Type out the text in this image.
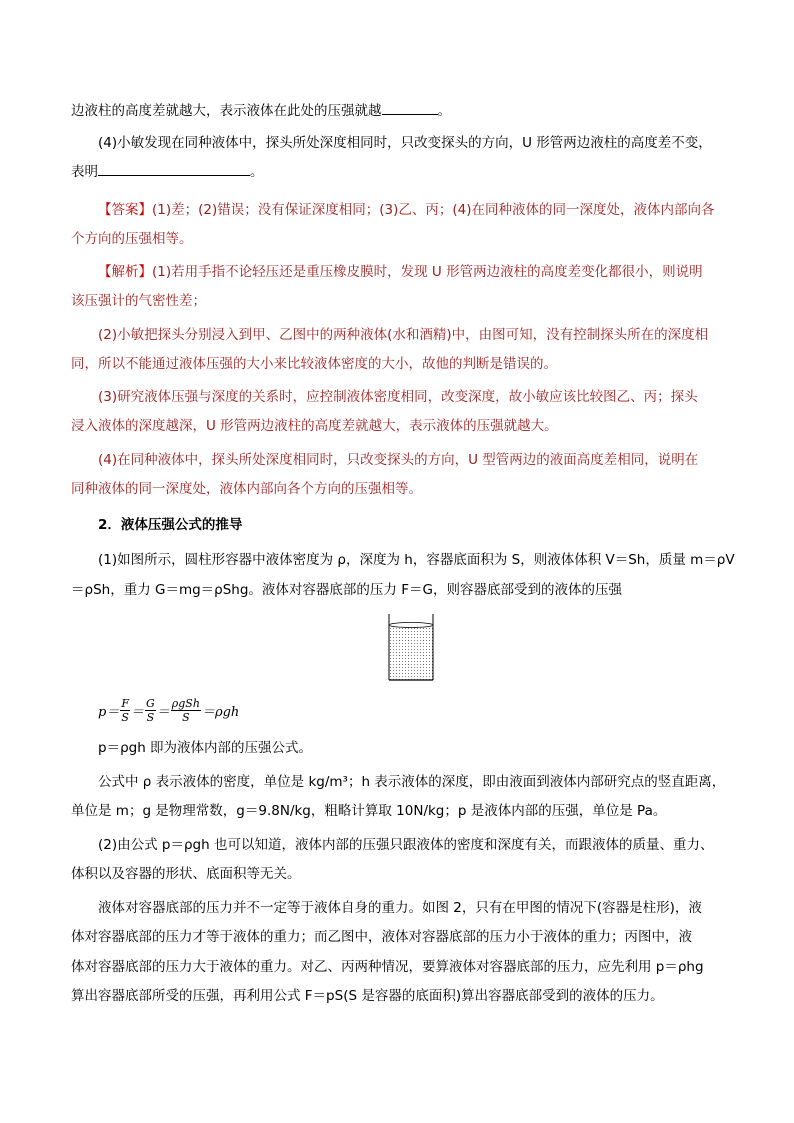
边液柱的高度差就越大，表示液体在此处的压强就越	。

(4)小敏发现在同种液体中，探头所处深度相同时，只改变探头的方向，U 形管两边液柱的高度差不变，

表明	。

【答案】(1)差；(2)错误；没有保证深度相同；(3)乙、丙；(4)在同种液体的同一深度处，液体内部向各

个方向的压强相等。

【解析】(1)若用手指不论轻压还是重压橡皮膜时，发现 U 形管两边液柱的高度差变化都很小，则说明

该压强计的气密性差；

(2)小敏把探头分别浸入到甲、乙图中的两种液体(水和酒精)中，由图可知，没有控制探头所在的深度相

同，所以不能通过液体压强的大小来比较液体密度的大小，故他的判断是错误的。

(3)研究液体压强与深度的关系时，应控制液体密度相同，改变深度，故小敏应该比较图乙、丙；探头

浸入液体的深度越深，U 形管两边液柱的高度差就越大，表示液体的压强就越大。

(4)在同种液体中，探头所处深度相同时，只改变探头的方向，U 型管两边的液面高度差相同，说明在

同种液体的同一深度处，液体内部向各个方向的压强相等。

2．液体压强公式的推导

(1)如图所示，圆柱形容器中液体密度为 ρ，深度为 h，容器底面积为 S，则液体体积 V＝Sh，质量 m＝ρV

＝ρSh，重力 G＝mg＝ρShg。液体对容器底部的压力 F＝G，则容器底部受到的液体的压强

$p= \frac{F}{S} = \frac{G}{S} = \frac{\text{ρgSh}}{S} =\rho gh$

p＝ρgh 即为液体内部的压强公式。

公式中 ρ 表示液体的密度，单位是 kg/m³；h 表示液体的深度，即由液面到液体内部研究点的竖直距离，

单位是 m；g 是物理常数，g＝9.8N/kg，粗略计算取 10N/kg；p 是液体内部的压强，单位是 Pa。

(2)由公式 p＝ρgh 也可以知道，液体内部的压强只跟液体的密度和深度有关，而跟液体的质量、重力、

体积以及容器的形状、底面积等无关。

液体对容器底部的压力并不一定等于液体自身的重力。如图 2，只有在甲图的情况下(容器是柱形)，液

体对容器底部的压力才等于液体的重力；而乙图中，液体对容器底部的压力小于液体的重力；丙图中，液

体对容器底部的压力大于液体的重力。对乙、丙两种情况，要算液体对容器底部的压力，应先利用 p＝ρhg

算出容器底部所受的压强，再利用公式 F＝pS(S 是容器的底面积)算出容器底部受到的液体的压力。
